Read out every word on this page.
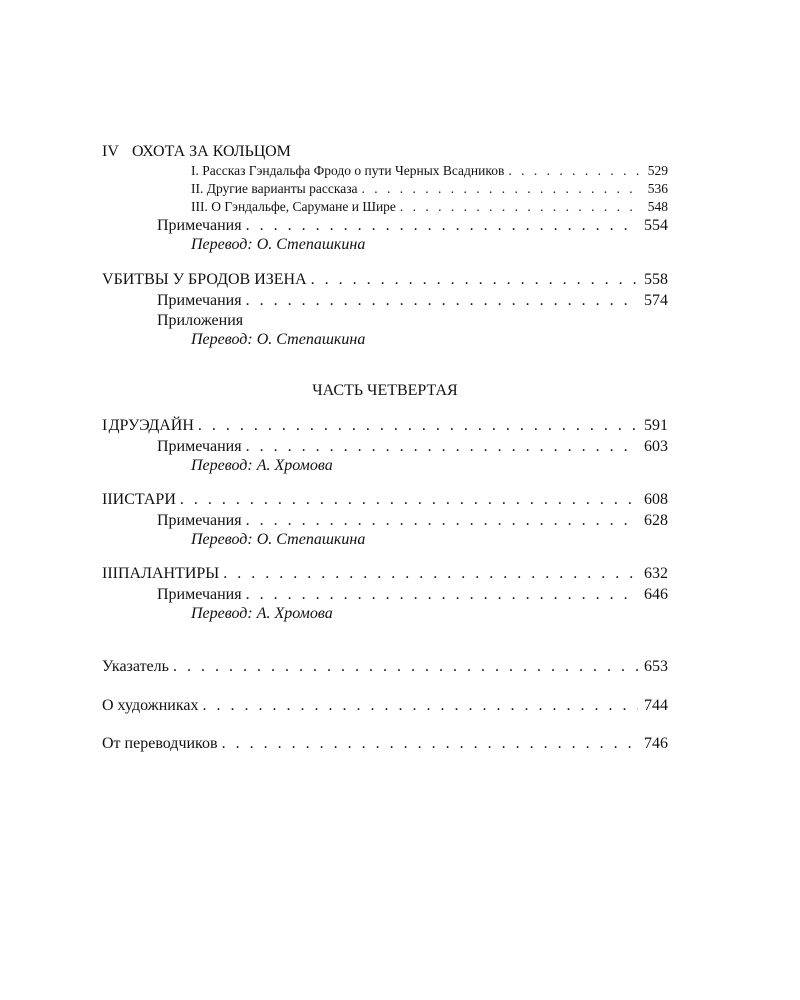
IV ОХОТА ЗА КОЛЬЦОМ
I. Рассказ Гэндальфа Фродо о пути Черных Всадников . . .	529
II. Другие варианты рассказа . . .	536
III. О Гэндальфе, Сарумане и Шире . . .	548
Примечания . . .	554
Перевод: О. Степашкина
V БИТВЫ У БРОДОВ ИЗЕНА . . .	558
Примечания . . .	574
Приложения
Перевод: О. Степашкина
ЧАСТЬ ЧЕТВЕРТАЯ
I ДРУЭДАЙН . . .	591
Примечания . . .	603
Перевод: А. Хромова
II ИСТАРИ . . .	608
Примечания . . .	628
Перевод: О. Степашкина
III ПАЛАНТИРЫ . . .	632
Примечания . . .	646
Перевод: А. Хромова
Указатель . . .	653
О художниках . . .	744
От переводчиков . . .	746
